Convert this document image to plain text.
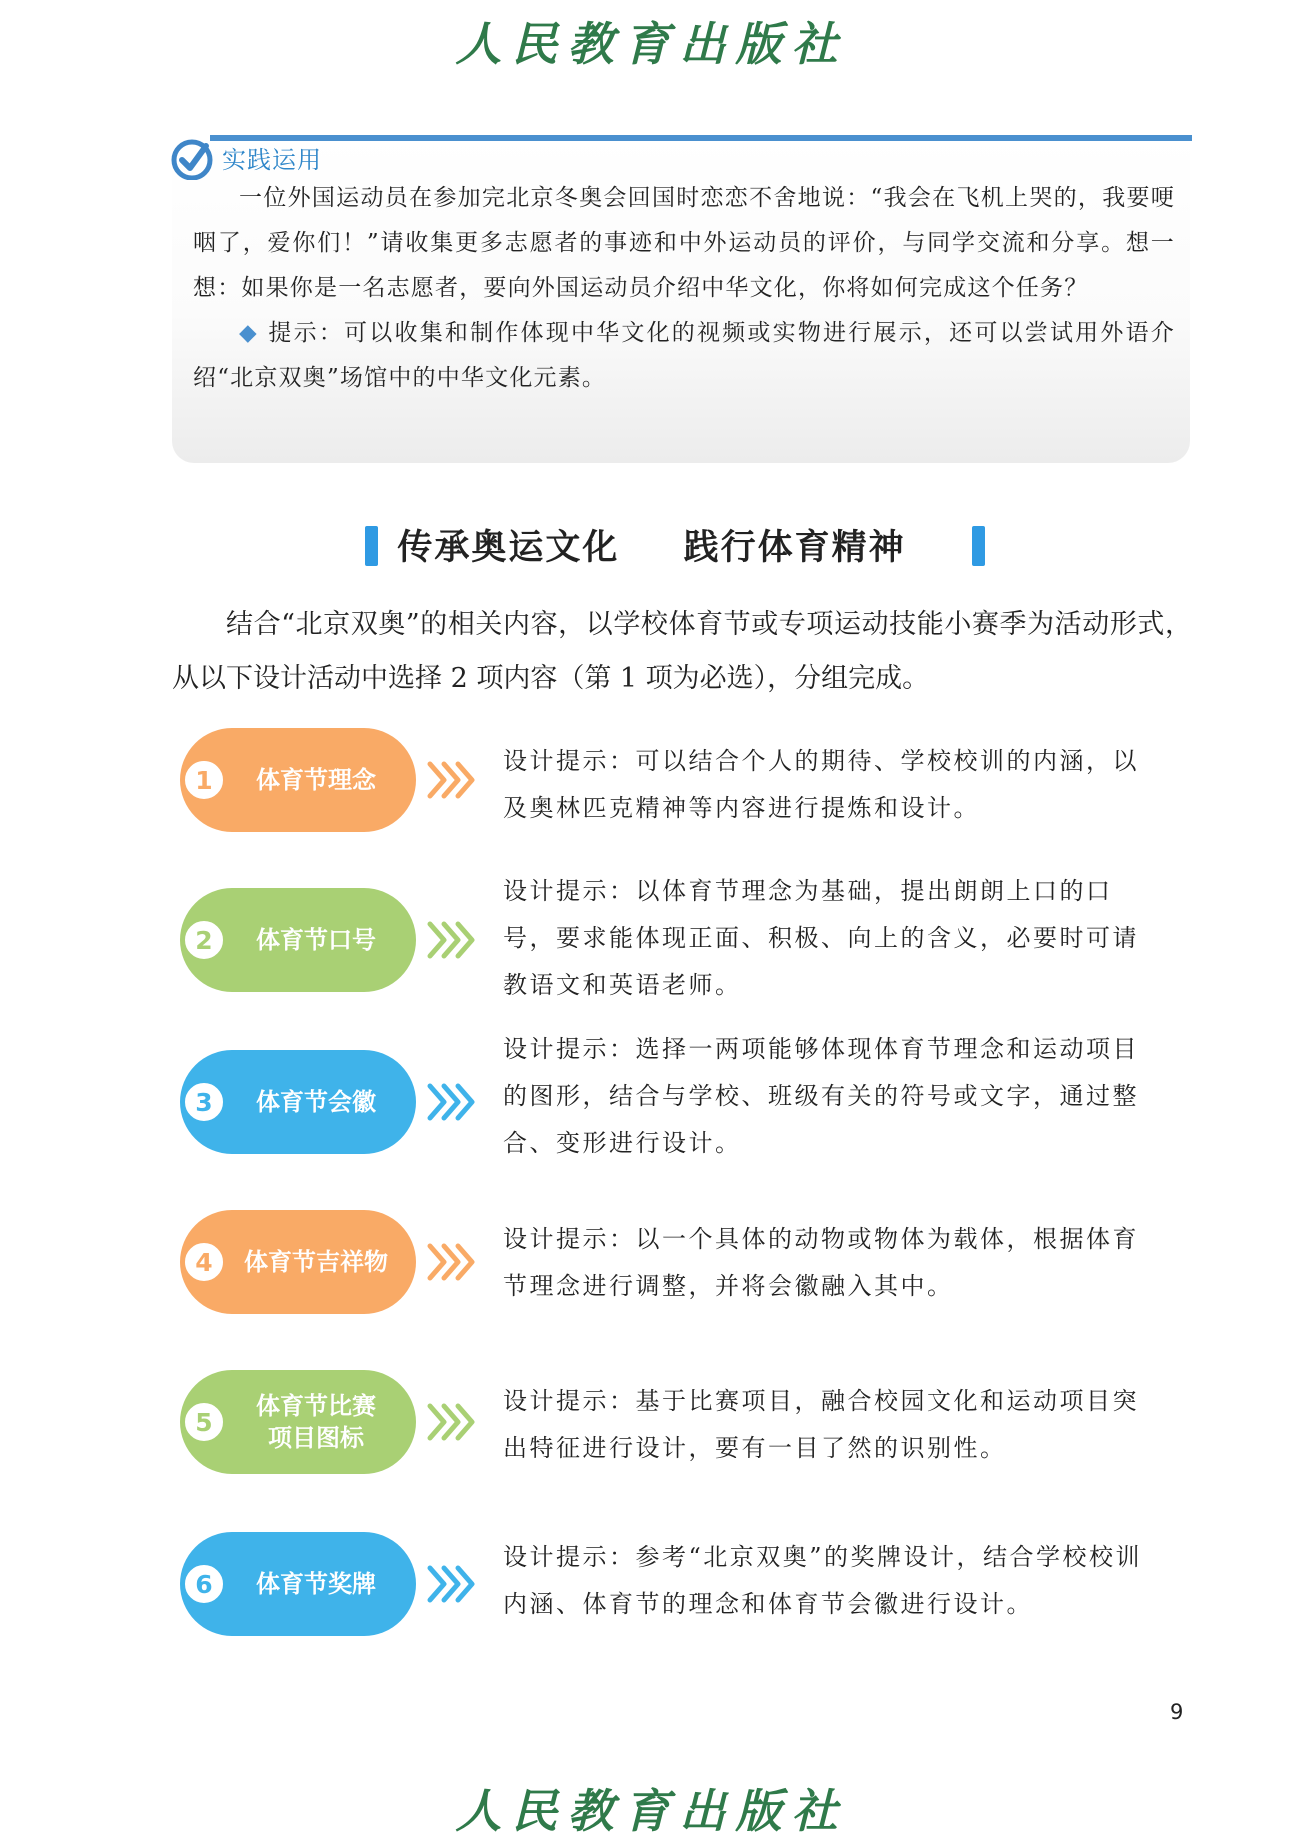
人民教育出版社
人民教育出版社
实践运用

一位外国运动员在参加完北京冬奥会回国时恋恋不舍地说：“我会在飞机上哭的，我要哽咽了，爱你们！”请收集更多志愿者的事迹和中外运动员的评价，与同学交流和分享。想一想：如果你是一名志愿者，要向外国运动员介绍中华文化，你将如何完成这个任务？

◆ 提示：可以收集和制作体现中华文化的视频或实物进行展示，还可以尝试用外语介绍“北京双奥”场馆中的中华文化元素。

传承奥运文化  践行体育精神

结合“北京双奥”的相关内容，以学校体育节或专项运动技能小赛季为活动形式，从以下设计活动中选择 2 项内容（第 1 项为必选），分组完成。

1	体育节理念
设计提示：可以结合个人的期待、学校校训的内涵，以及奥林匹克精神等内容进行提炼和设计。
2	体育节口号
设计提示：以体育节理念为基础，提出朗朗上口的口号，要求能体现正面、积极、向上的含义，必要时可请教语文和英语老师。
3	体育节会徽
设计提示：选择一两项能够体现体育节理念和运动项目的图形，结合与学校、班级有关的符号或文字，通过整合、变形进行设计。
4	体育节吉祥物
设计提示：以一个具体的动物或物体为载体，根据体育节理念进行调整，并将会徽融入其中。
5
体育节比赛
项目图标
设计提示：基于比赛项目，融合校园文化和运动项目突出特征进行设计，要有一目了然的识别性。
6	体育节奖牌
设计提示：参考“北京双奥”的奖牌设计，结合学校校训内涵、体育节的理念和体育节会徽进行设计。
9
